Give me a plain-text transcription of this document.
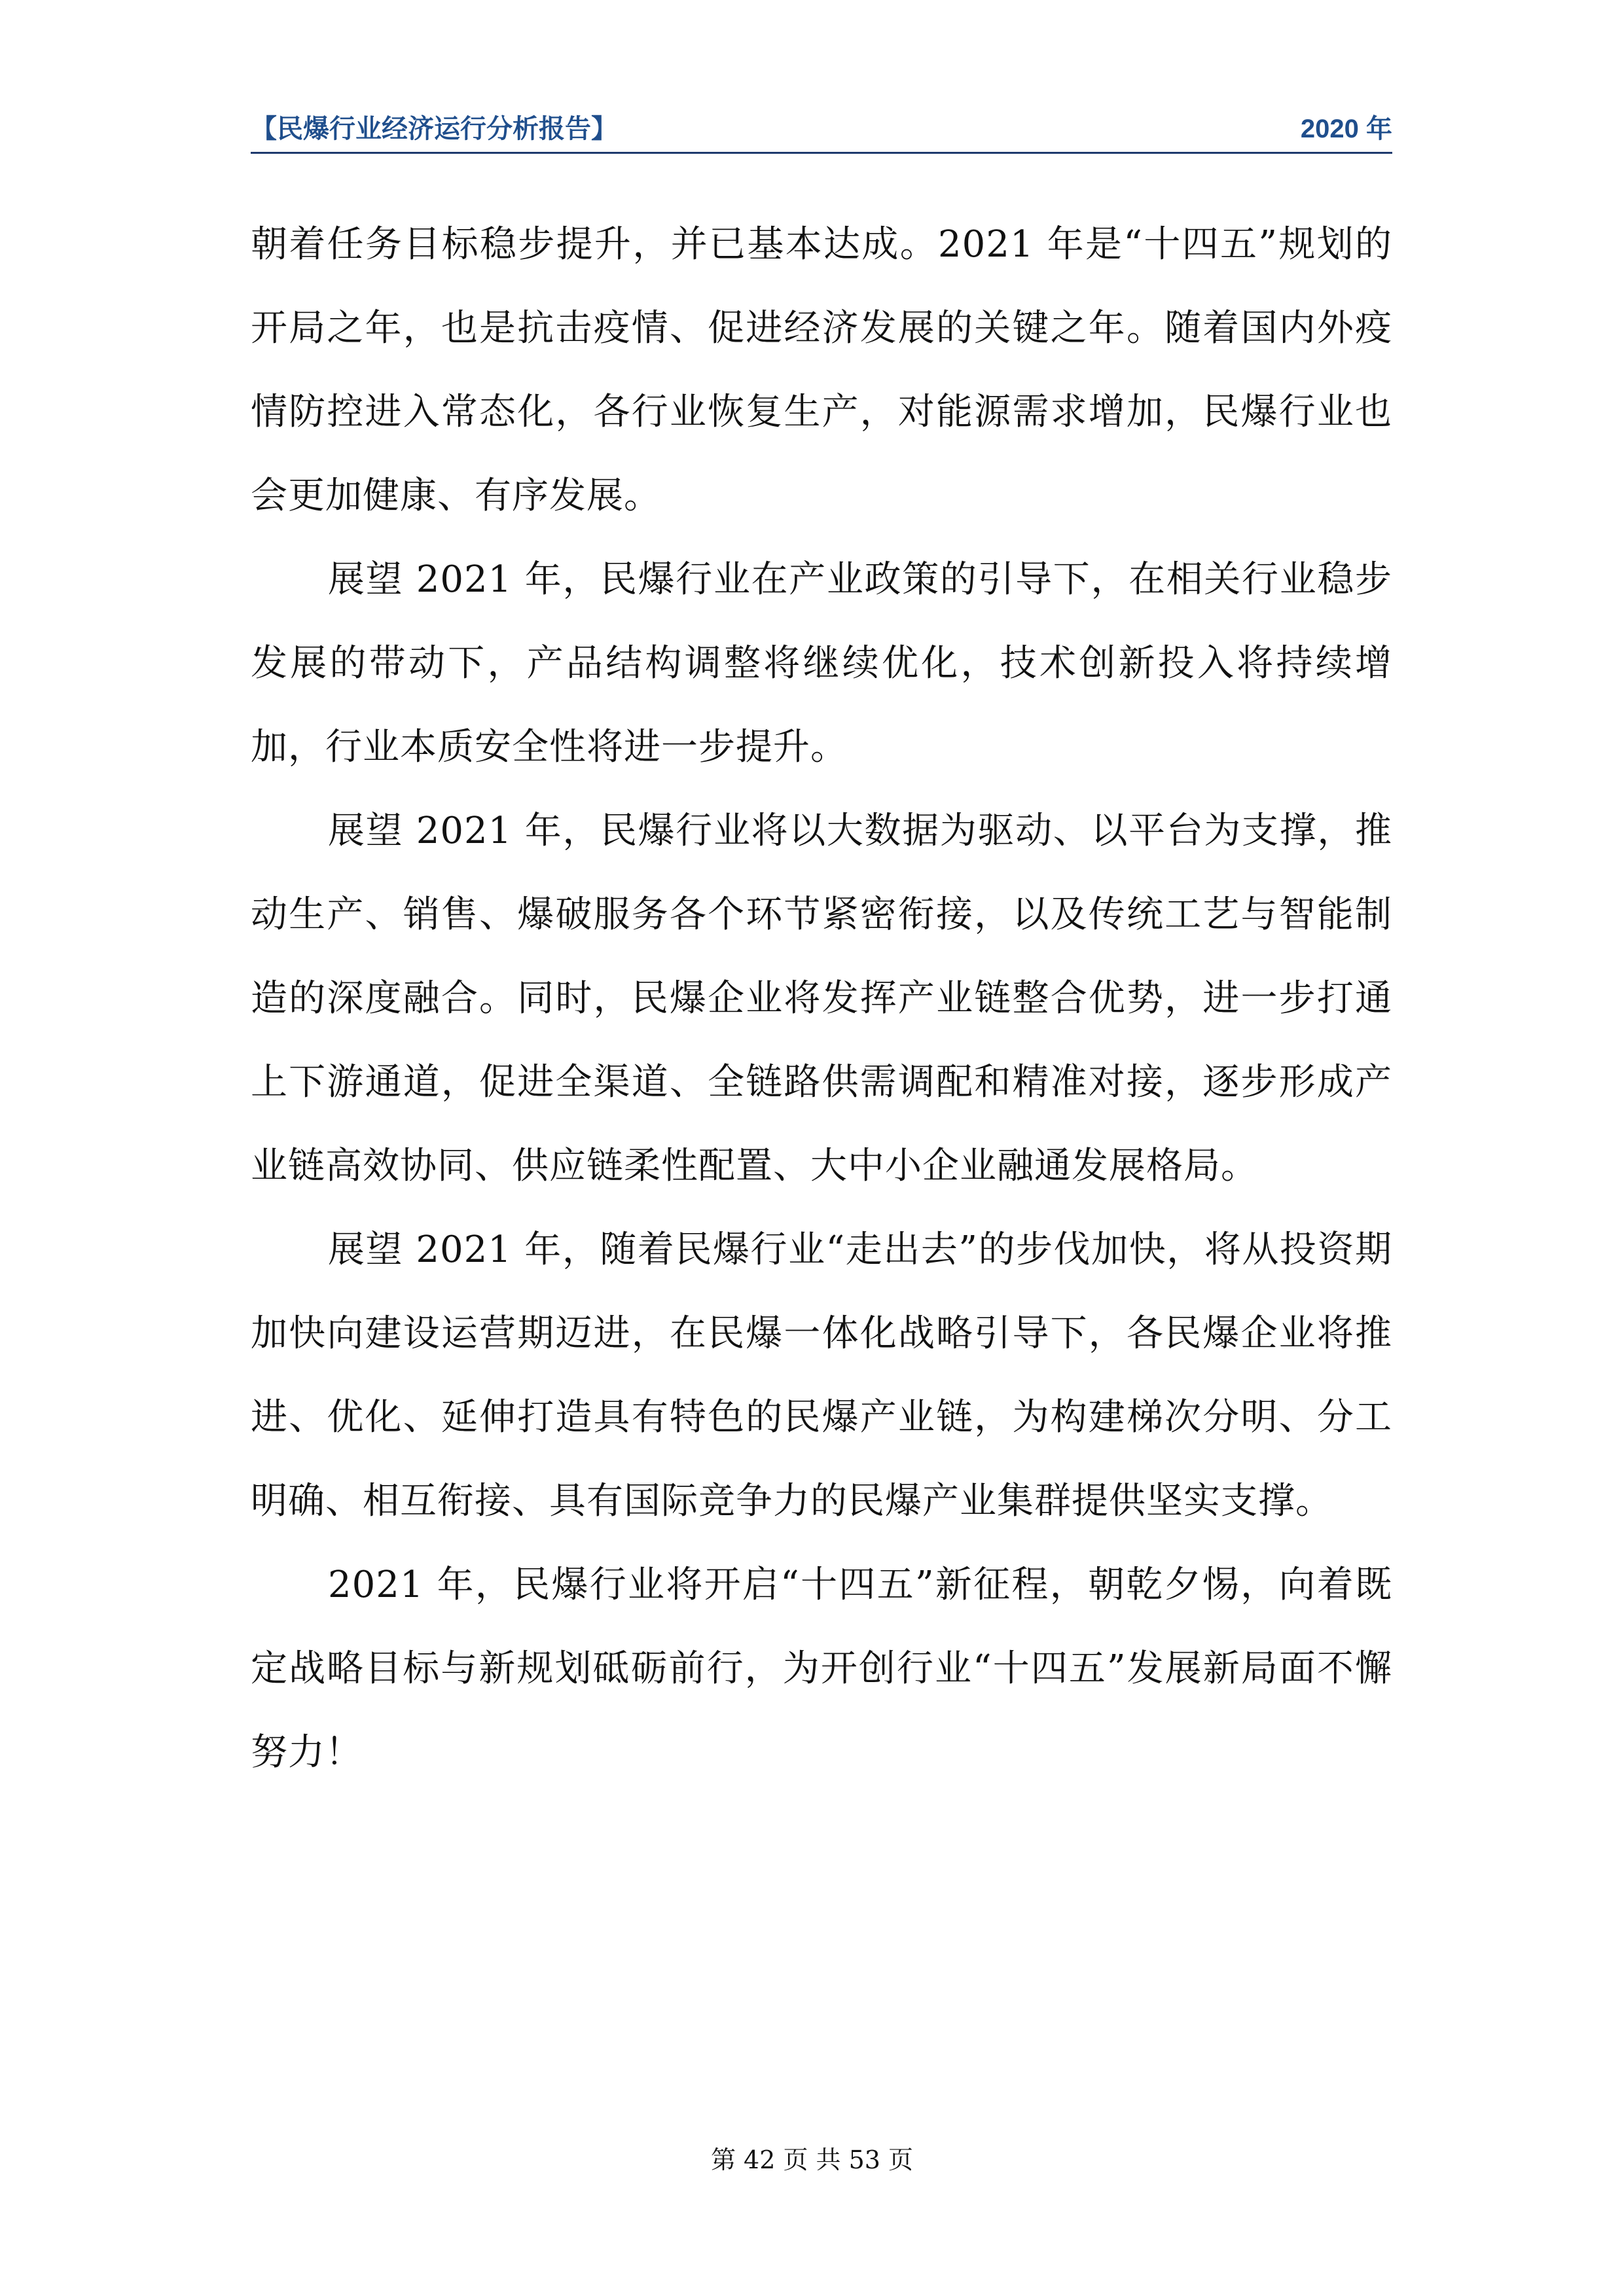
【民爆行业经济运行分析报告】	2020 年

朝着任务目标稳步提升，并已基本达成。2021 年是“十四五”规划的开局之年，也是抗击疫情、促进经济发展的关键之年。随着国内外疫情防控进入常态化，各行业恢复生产，对能源需求增加，民爆行业也会更加健康、有序发展。

展望 2021 年，民爆行业在产业政策的引导下，在相关行业稳步发展的带动下，产品结构调整将继续优化，技术创新投入将持续增加，行业本质安全性将进一步提升。

展望 2021 年，民爆行业将以大数据为驱动、以平台为支撑，推动生产、销售、爆破服务各个环节紧密衔接，以及传统工艺与智能制造的深度融合。同时，民爆企业将发挥产业链整合优势，进一步打通上下游通道，促进全渠道、全链路供需调配和精准对接，逐步形成产业链高效协同、供应链柔性配置、大中小企业融通发展格局。

展望 2021 年，随着民爆行业“走出去”的步伐加快，将从投资期加快向建设运营期迈进，在民爆一体化战略引导下，各民爆企业将推进、优化、延伸打造具有特色的民爆产业链，为构建梯次分明、分工明确、相互衔接、具有国际竞争力的民爆产业集群提供坚实支撑。

2021 年，民爆行业将开启“十四五”新征程，朝乾夕惕，向着既定战略目标与新规划砥砺前行，为开创行业“十四五”发展新局面不懈努力！

第 42 页 共 53 页
